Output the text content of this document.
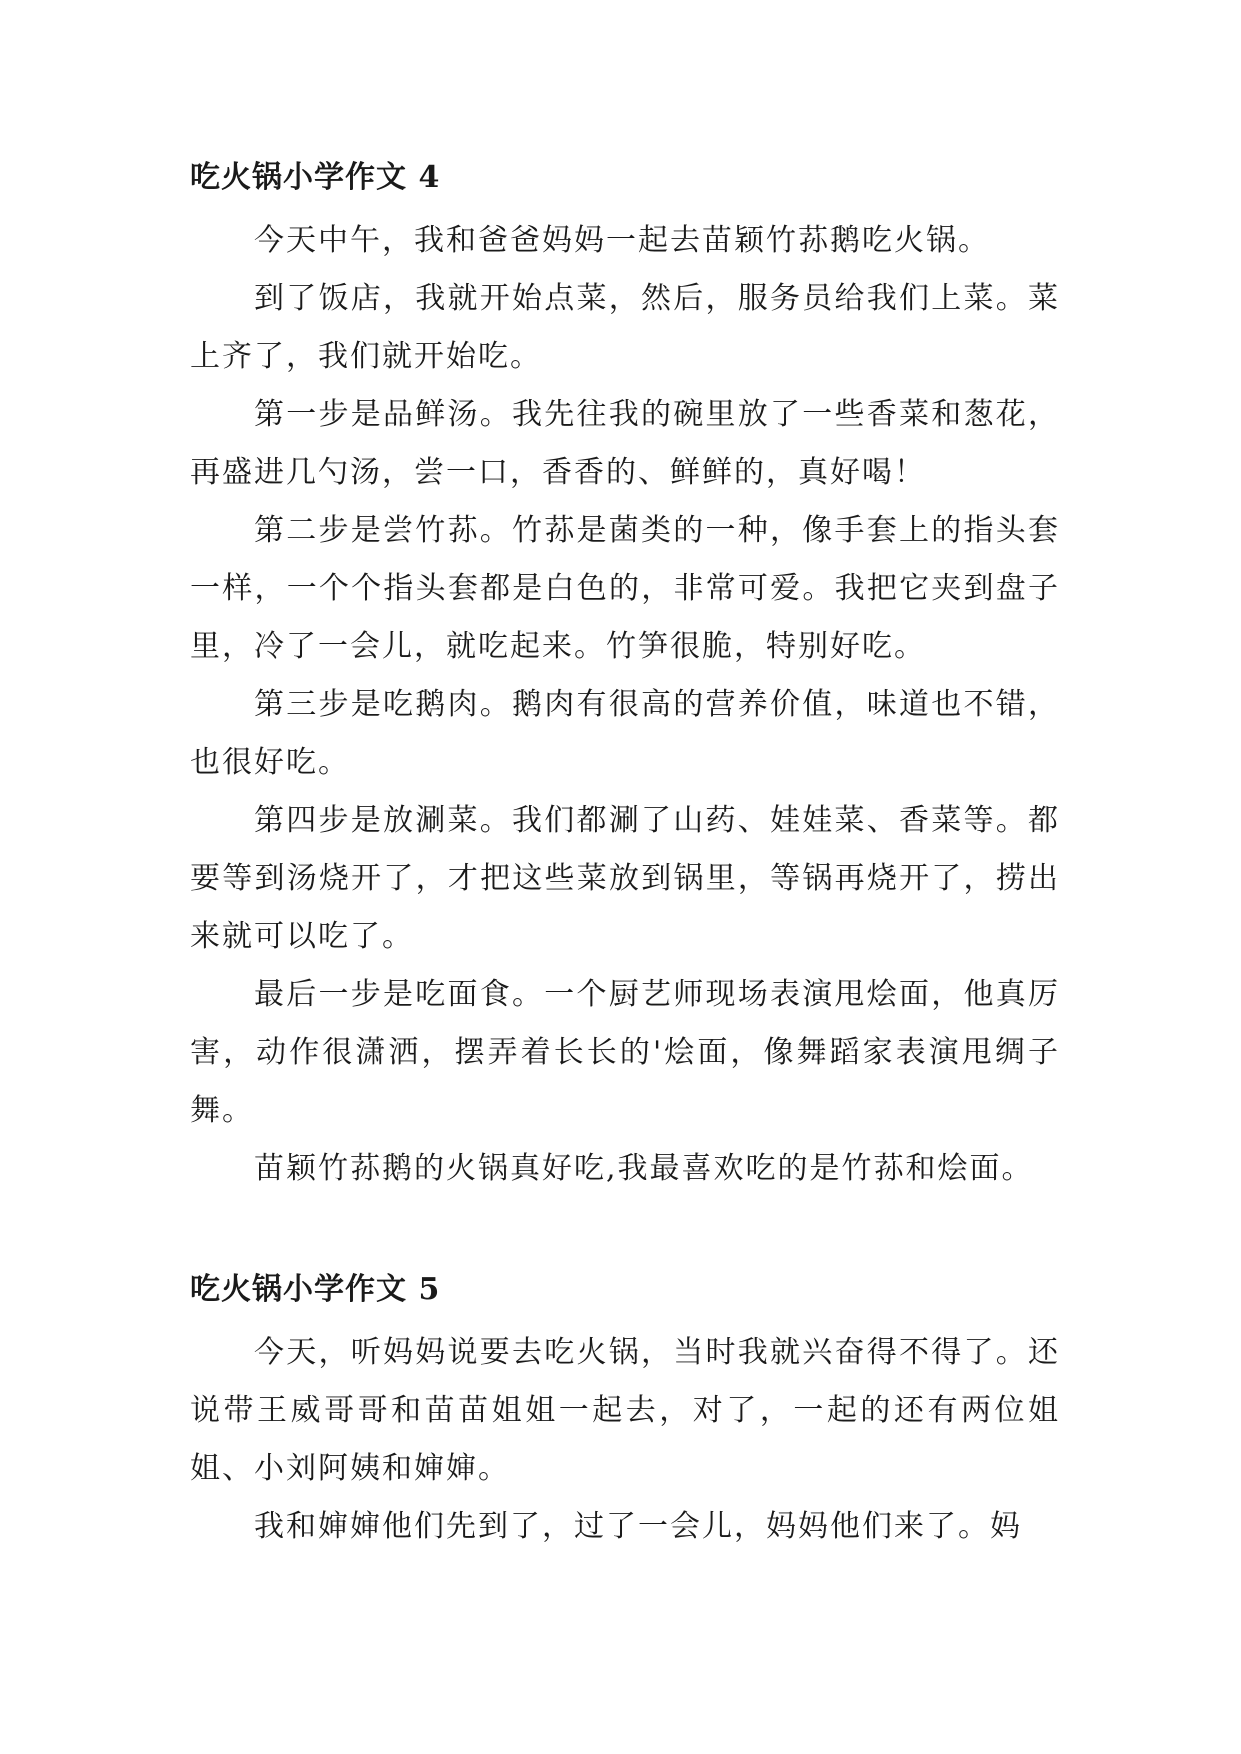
吃火锅小学作文 4

今天中午，我和爸爸妈妈一起去苗颖竹荪鹅吃火锅。

到了饭店，我就开始点菜，然后，服务员给我们上菜。菜上齐了，我们就开始吃。

第一步是品鲜汤。我先往我的碗里放了一些香菜和葱花，再盛进几勺汤，尝一口，香香的、鲜鲜的，真好喝！

第二步是尝竹荪。竹荪是菌类的一种，像手套上的指头套一样，一个个指头套都是白色的，非常可爱。我把它夹到盘子里，冷了一会儿，就吃起来。竹笋很脆，特别好吃。

第三步是吃鹅肉。鹅肉有很高的营养价值，味道也不错，也很好吃。

第四步是放涮菜。我们都涮了山药、娃娃菜、香菜等。都要等到汤烧开了，才把这些菜放到锅里，等锅再烧开了，捞出来就可以吃了。

最后一步是吃面食。一个厨艺师现场表演甩烩面，他真厉害，动作很潇洒，摆弄着长长的'烩面，像舞蹈家表演甩绸子舞。

苗颖竹荪鹅的火锅真好吃,我最喜欢吃的是竹荪和烩面。

吃火锅小学作文 5

今天，听妈妈说要去吃火锅，当时我就兴奋得不得了。还说带王威哥哥和苗苗姐姐一起去，对了，一起的还有两位姐姐、小刘阿姨和婶婶。

我和婶婶他们先到了，过了一会儿，妈妈他们来了。妈
